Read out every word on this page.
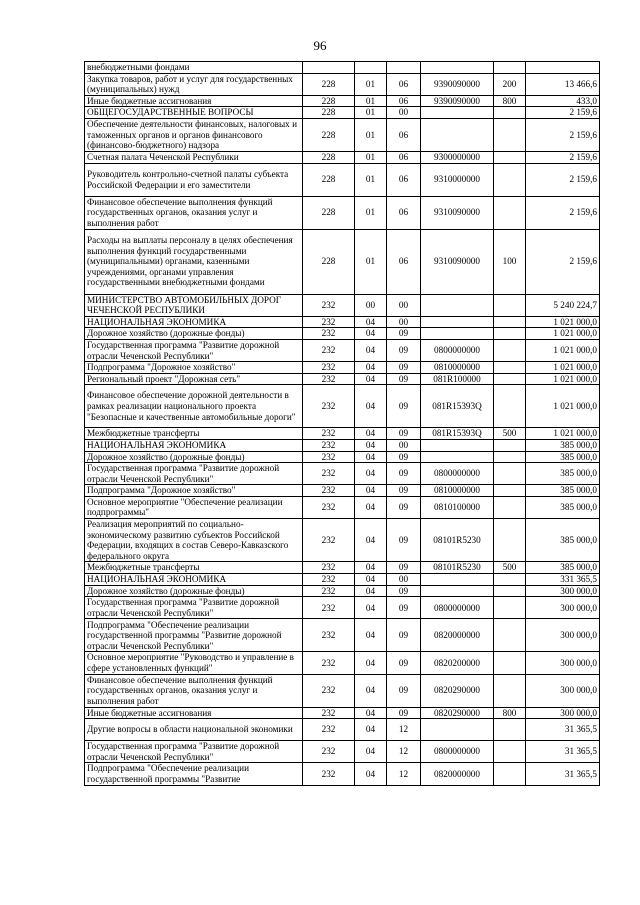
96
внебюджетными фондами						
Закупка товаров, работ и услуг для государственных (муниципальных) нужд	228	01	06	9390090000	200	13 466,6
Иные бюджетные ассигнования	228	01	06	9390090000	800	433,0
ОБЩЕГОСУДАРСТВЕННЫЕ ВОПРОСЫ	228	01	00			2 159,6
Обеспечение деятельности финансовых, налоговых и таможенных органов и органов финансового (финансово-бюджетного) надзора	228	01	06			2 159,6
Счетная палата Чеченской Республики	228	01	06	9300000000		2 159,6
Руководитель контрольно-счетной палаты субъекта Российской Федерации и его заместители	228	01	06	9310000000		2 159,6
Финансовое обеспечение выполнения функций государственных органов, оказания услуг и выполнения работ	228	01	06	9310090000		2 159,6
Расходы на выплаты персоналу в целях обеспечения выполнения функций государственными (муниципальными) органами, казенными учреждениями, органами управления государственными внебюджетными фондами	228	01	06	9310090000	100	2 159,6
МИНИСТЕРСТВО АВТОМОБИЛЬНЫХ ДОРОГ ЧЕЧЕНСКОЙ РЕСПУБЛИКИ	232	00	00			5 240 224,7
НАЦИОНАЛЬНАЯ ЭКОНОМИКА	232	04	00			1 021 000,0
Дорожное хозяйство (дорожные фонды)	232	04	09			1 021 000,0
Государственная программа "Развитие дорожной отрасли Чеченской Республики"	232	04	09	0800000000		1 021 000,0
Подпрограмма "Дорожное хозяйство"	232	04	09	0810000000		1 021 000,0
Региональный проект "Дорожная сеть"	232	04	09	081R100000		1 021 000,0
Финансовое обеспечение дорожной деятельности в рамках реализации национального проекта "Безопасные и качественные автомобильные дороги"	232	04	09	081R15393Q		1 021 000,0
Межбюджетные трансферты	232	04	09	081R15393Q	500	1 021 000,0
НАЦИОНАЛЬНАЯ ЭКОНОМИКА	232	04	00			385 000,0
Дорожное хозяйство (дорожные фонды)	232	04	09			385 000,0
Государственная программа "Развитие дорожной отрасли Чеченской Республики"	232	04	09	0800000000		385 000,0
Подпрограмма "Дорожное хозяйство"	232	04	09	0810000000		385 000,0
Основное мероприятие "Обеспечение реализации подпрограммы"	232	04	09	0810100000		385 000,0
Реализация мероприятий по социально-экономическому развитию субъектов Российской Федерации, входящих в состав Северо-Кавказского федерального округа	232	04	09	08101R5230		385 000,0
Межбюджетные трансферты	232	04	09	08101R5230	500	385 000,0
НАЦИОНАЛЬНАЯ ЭКОНОМИКА	232	04	00			331 365,5
Дорожное хозяйство (дорожные фонды)	232	04	09			300 000,0
Государственная программа "Развитие дорожной отрасли Чеченской Республики"	232	04	09	0800000000		300 000,0
Подпрограмма "Обеспечение реализации государственной программы "Развитие дорожной отрасли Чеченской Республики"	232	04	09	0820000000		300 000,0
Основное мероприятие "Руководство и управление в сфере установленных функций"	232	04	09	0820200000		300 000,0
Финансовое обеспечение выполнения функций государственных органов, оказания услуг и выполнения работ	232	04	09	0820290000		300 000,0
Иные бюджетные ассигнования	232	04	09	0820290000	800	300 000,0
Другие вопросы в области национальной экономики	232	04	12			31 365,5
Государственная программа "Развитие дорожной отрасли Чеченской Республики"	232	04	12	0800000000		31 365,5
Подпрограмма "Обеспечение реализации государственной программы "Развитие	232	04	12	0820000000		31 365,5
